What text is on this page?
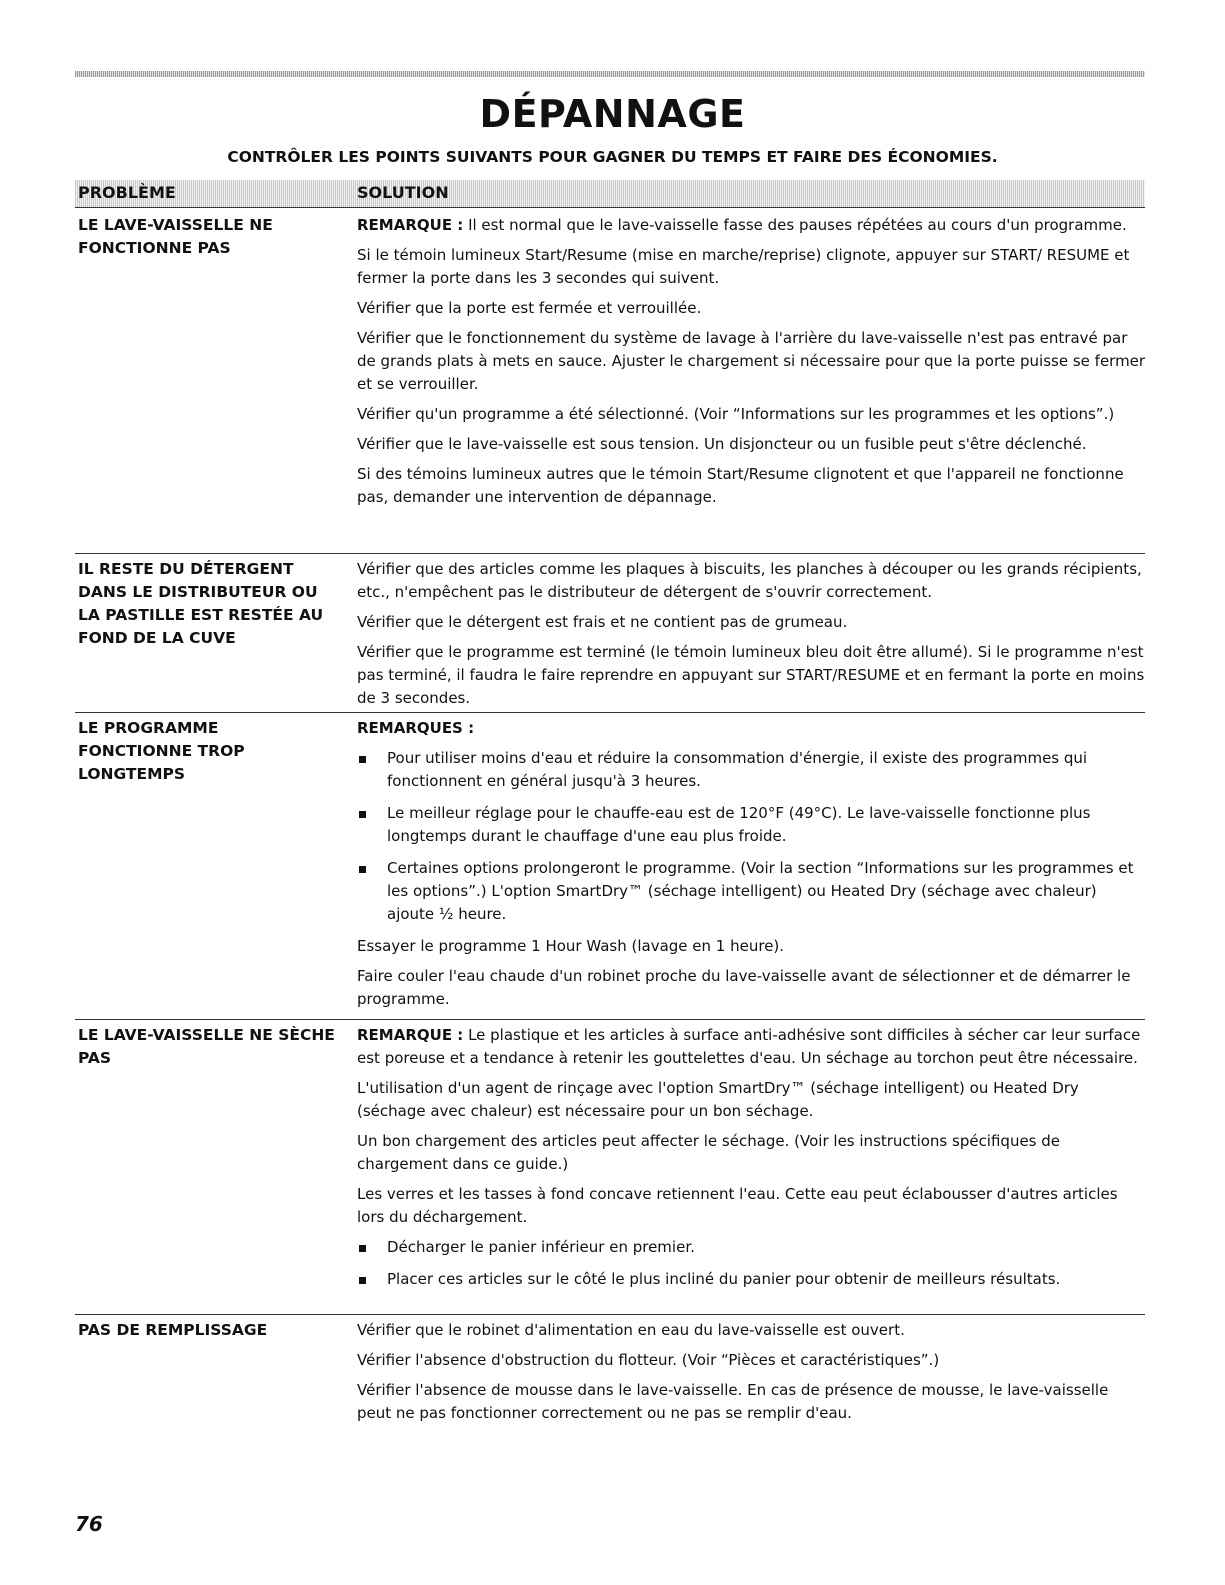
DÉPANNAGE

CONTRÔLER LES POINTS SUIVANTS POUR GAGNER DU TEMPS ET FAIRE DES ÉCONOMIES.

PROBLÈME	SOLUTION
LE LAVE-VAISSELLE NE
FONCTIONNE PAS

REMARQUE : Il est normal que le lave-vaisselle fasse des pauses répétées au cours d'un programme.

Si le témoin lumineux Start/Resume (mise en marche/reprise) clignote, appuyer sur START/ RESUME et fermer la porte dans les 3 secondes qui suivent.

Vérifier que la porte est fermée et verrouillée.

Vérifier que le fonctionnement du système de lavage à l'arrière du lave-vaisselle n'est pas entravé par de grands plats à mets en sauce. Ajuster le chargement si nécessaire pour que la porte puisse se fermer et se verrouiller.

Vérifier qu'un programme a été sélectionné. (Voir “Informations sur les programmes et les options”.)

Vérifier que le lave-vaisselle est sous tension. Un disjoncteur ou un fusible peut s'être déclenché.

Si des témoins lumineux autres que le témoin Start/Resume clignotent et que l'appareil ne fonctionne pas, demander une intervention de dépannage.

IL RESTE DU DÉTERGENT
DANS LE DISTRIBUTEUR OU
LA PASTILLE EST RESTÉE AU
FOND DE LA CUVE

Vérifier que des articles comme les plaques à biscuits, les planches à découper ou les grands récipients, etc., n'empêchent pas le distributeur de détergent de s'ouvrir correctement.

Vérifier que le détergent est frais et ne contient pas de grumeau.

Vérifier que le programme est terminé (le témoin lumineux bleu doit être allumé). Si le programme n'est pas terminé, il faudra le faire reprendre en appuyant sur START/RESUME et en fermant la porte en moins de 3 secondes.

LE PROGRAMME
FONCTIONNE TROP
LONGTEMPS

REMARQUES :

Pour utiliser moins d'eau et réduire la consommation d'énergie, il existe des programmes qui fonctionnent en général jusqu'à 3 heures.

Le meilleur réglage pour le chauffe-eau est de 120°F (49°C). Le lave-vaisselle fonctionne plus longtemps durant le chauffage d'une eau plus froide.

Certaines options prolongeront le programme. (Voir la section “Informations sur les programmes et les options”.) L'option SmartDry™ (séchage intelligent) ou Heated Dry (séchage avec chaleur) ajoute ½ heure.

Essayer le programme 1 Hour Wash (lavage en 1 heure).

Faire couler l'eau chaude d'un robinet proche du lave-vaisselle avant de sélectionner et de démarrer le programme.

LE LAVE-VAISSELLE NE SÈCHE
PAS

REMARQUE : Le plastique et les articles à surface anti-adhésive sont difficiles à sécher car leur surface est poreuse et a tendance à retenir les gouttelettes d'eau. Un séchage au torchon peut être nécessaire.

L'utilisation d'un agent de rinçage avec l'option SmartDry™ (séchage intelligent) ou Heated Dry (séchage avec chaleur) est nécessaire pour un bon séchage.

Un bon chargement des articles peut affecter le séchage. (Voir les instructions spécifiques de chargement dans ce guide.)

Les verres et les tasses à fond concave retiennent l'eau. Cette eau peut éclabousser d'autres articles lors du déchargement.

Décharger le panier inférieur en premier.

Placer ces articles sur le côté le plus incliné du panier pour obtenir de meilleurs résultats.

PAS DE REMPLISSAGE	Vérifier que le robinet d'alimentation en eau du lave-vaisselle est ouvert.

Vérifier l'absence d'obstruction du flotteur. (Voir “Pièces et caractéristiques”.)

Vérifier l'absence de mousse dans le lave-vaisselle. En cas de présence de mousse, le lave-vaisselle peut ne pas fonctionner correctement ou ne pas se remplir d'eau.

76
